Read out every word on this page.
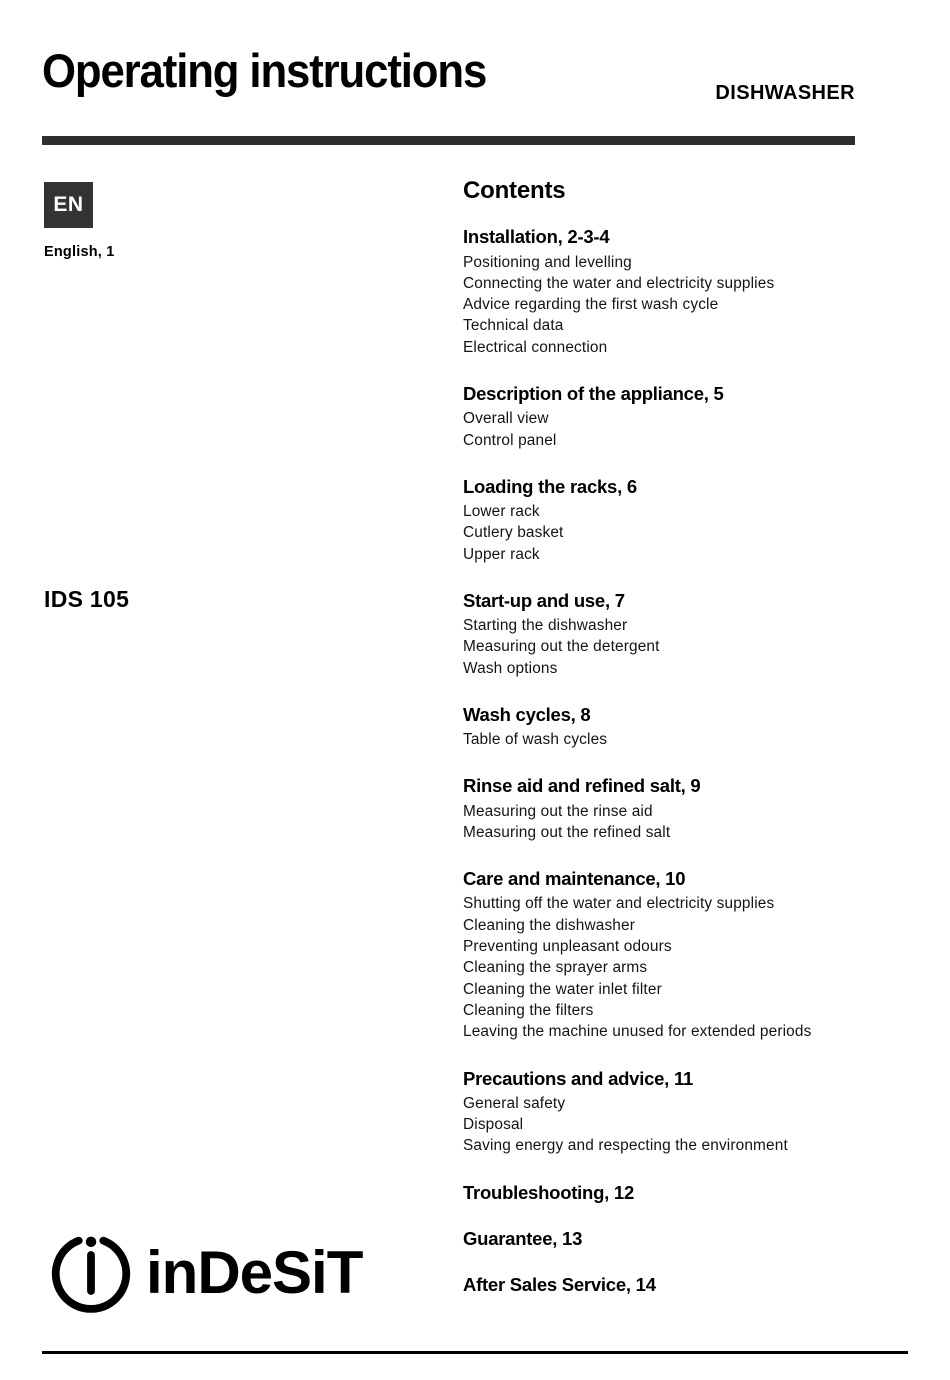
Operating instructions	DISHWASHER
EN
English, 1
IDS 105
inDeSiT
Contents
Installation, 2-3-4
Positioning and levelling
Connecting the water and electricity supplies
Advice regarding the first wash cycle
Technical data
Electrical connection
Description of the appliance, 5
Overall view
Control panel
Loading the racks, 6
Lower rack
Cutlery basket
Upper rack
Start-up and use, 7
Starting the dishwasher
Measuring out the detergent
Wash options
Wash cycles, 8
Table of wash cycles
Rinse aid and refined salt, 9
Measuring out the rinse aid
Measuring out the refined salt
Care and maintenance, 10
Shutting off the water and electricity supplies
Cleaning the dishwasher
Preventing unpleasant odours
Cleaning the sprayer arms
Cleaning the water inlet filter
Cleaning the filters
Leaving the machine unused for extended periods
Precautions and advice, 11
General safety
Disposal
Saving energy and respecting the environment
Troubleshooting, 12
Guarantee, 13
After Sales Service, 14
